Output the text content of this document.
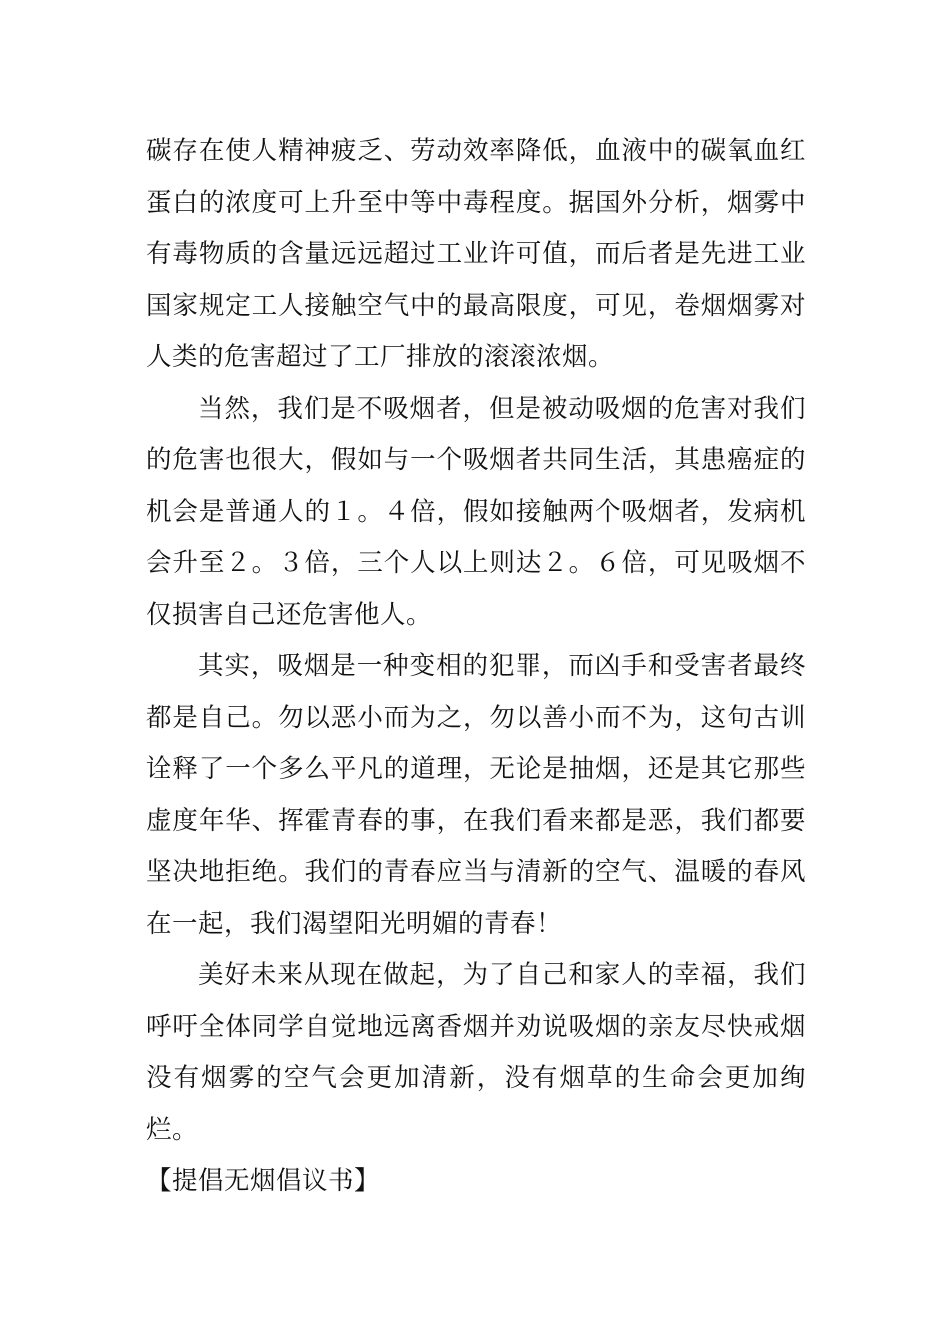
碳存在使人精神疲乏、劳动效率降低，血液中的碳氧血红蛋白的浓度可上升至中等中毒程度。据国外分析，烟雾中有毒物质的含量远远超过工业许可值，而后者是先进工业国家规定工人接触空气中的最高限度，可见，卷烟烟雾对人类的危害超过了工厂排放的滚滚浓烟。

当然，我们是不吸烟者，但是被动吸烟的危害对我们的危害也很大，假如与一个吸烟者共同生活，其患癌症的机会是普通人的１。４倍，假如接触两个吸烟者，发病机会升至２。３倍，三个人以上则达２。６倍，可见吸烟不仅损害自己还危害他人。

其实，吸烟是一种变相的犯罪，而凶手和受害者最终都是自己。勿以恶小而为之，勿以善小而不为，这句古训诠释了一个多么平凡的道理，无论是抽烟，还是其它那些虚度年华、挥霍青春的事，在我们看来都是恶，我们都要坚决地拒绝。我们的青春应当与清新的空气、温暖的春风在一起，我们渴望阳光明媚的青春！

美好未来从现在做起，为了自己和家人的幸福，我们呼吁全体同学自觉地远离香烟并劝说吸烟的亲友尽快戒烟没有烟雾的空气会更加清新，没有烟草的生命会更加绚烂。

【提倡无烟倡议书】
